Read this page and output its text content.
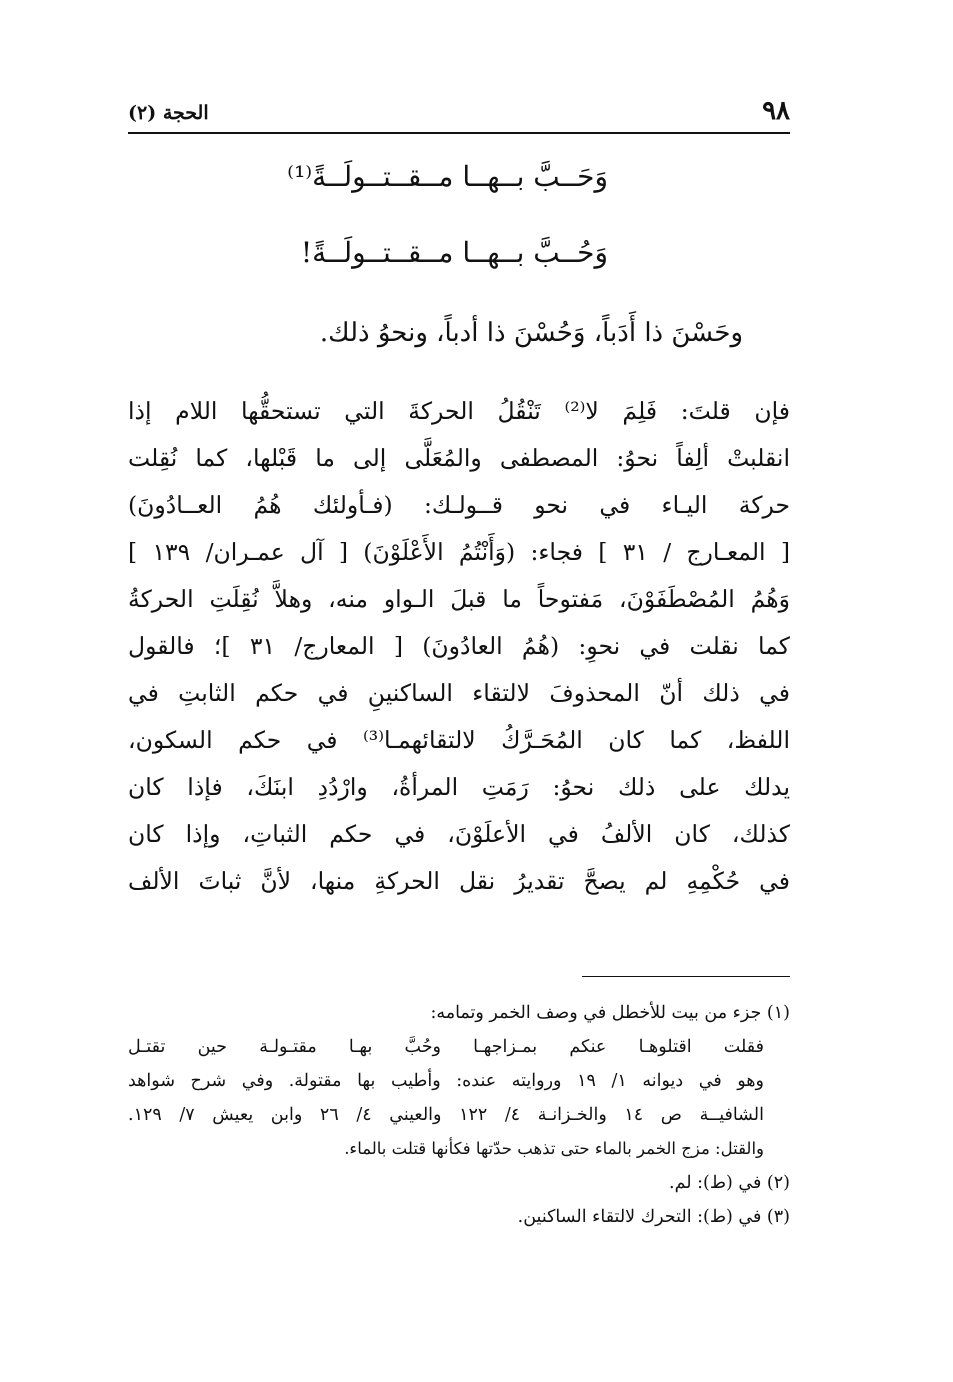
٩٨
الحجة (٢)
وَحَــبَّ بــهــا مــقــتــولَــةً⁽¹⁾
وَحُــبَّ بــهــا مــقــتــولَــةً!
وحَسْنَ ذا أَدَباً، وَحُسْنَ ذا أدباً، ونحوُ ذلك.
فإن قلتَ: فَلِمَ لا⁽²⁾ تَنْقُلُ الحركةَ التي تستحقُّها اللام إذا
انقلبتْ ألِفاً نحوُ: المصطفى والمُعَلَّى إلى ما قَبْلها، كما نُقِلت
حركة اليـاء في نحو قــولـك: (فـأولئك هُمُ العــادُونَ)
[ المعـارج / ٣١ ] فجاء: (وَأَنْتُمُ الأَعْلَوْنَ) [ آل عمـران/ ١٣٩ ]
وَهُمُ المُصْطَفَوْنَ، مَفتوحاً ما قبلَ الـواو منه، وهلاَّ نُقِلَتِ الحركةُ
كما نقلت في نحوِ: (هُمُ العادُونَ) [ المعارج/ ٣١ ]؛ فالقول
في ذلك أنّ المحذوفَ لالتقاء الساكنينِ في حكم الثابتِ في
اللفظ، كما كان المُحَـرَّكُ لالتقائهمـا⁽³⁾ في حكم السكون،
يدلك على ذلك نحوُ: رَمَتِ المرأةُ، وارْدُدِ ابنَكَ، فإذا كان
كذلك، كان الألفُ في الأعلَوْنَ، في حكم الثباتِ، وإذا كان
في حُكْمِهِ لم يصحَّ تقديرُ نقل الحركةِ منها، لأنَّ ثباتَ الألف
(١) جزء من بيت للأخطل في وصف الخمر وتمامه:
فقلت اقتلوهـا عنكم بمـزاجهـا وحُبَّ بهـا مقتـولـة حين تقتـل
وهو في ديوانه ١/ ١٩ وروايته عنده: وأطيب بها مقتولة. وفي شرح شواهد
الشافيــة ص ١٤ والخـزانـة ٤/ ١٢٢ والعيني ٤/ ٢٦ وابن يعيش ٧/ ١٢٩.
والقتل: مزج الخمر بالماء حتى تذهب حدّتها فكأنها قتلت بالماء.
(٢) في (ط): لم.
(٣) في (ط): التحرك لالتقاء الساكنين.
